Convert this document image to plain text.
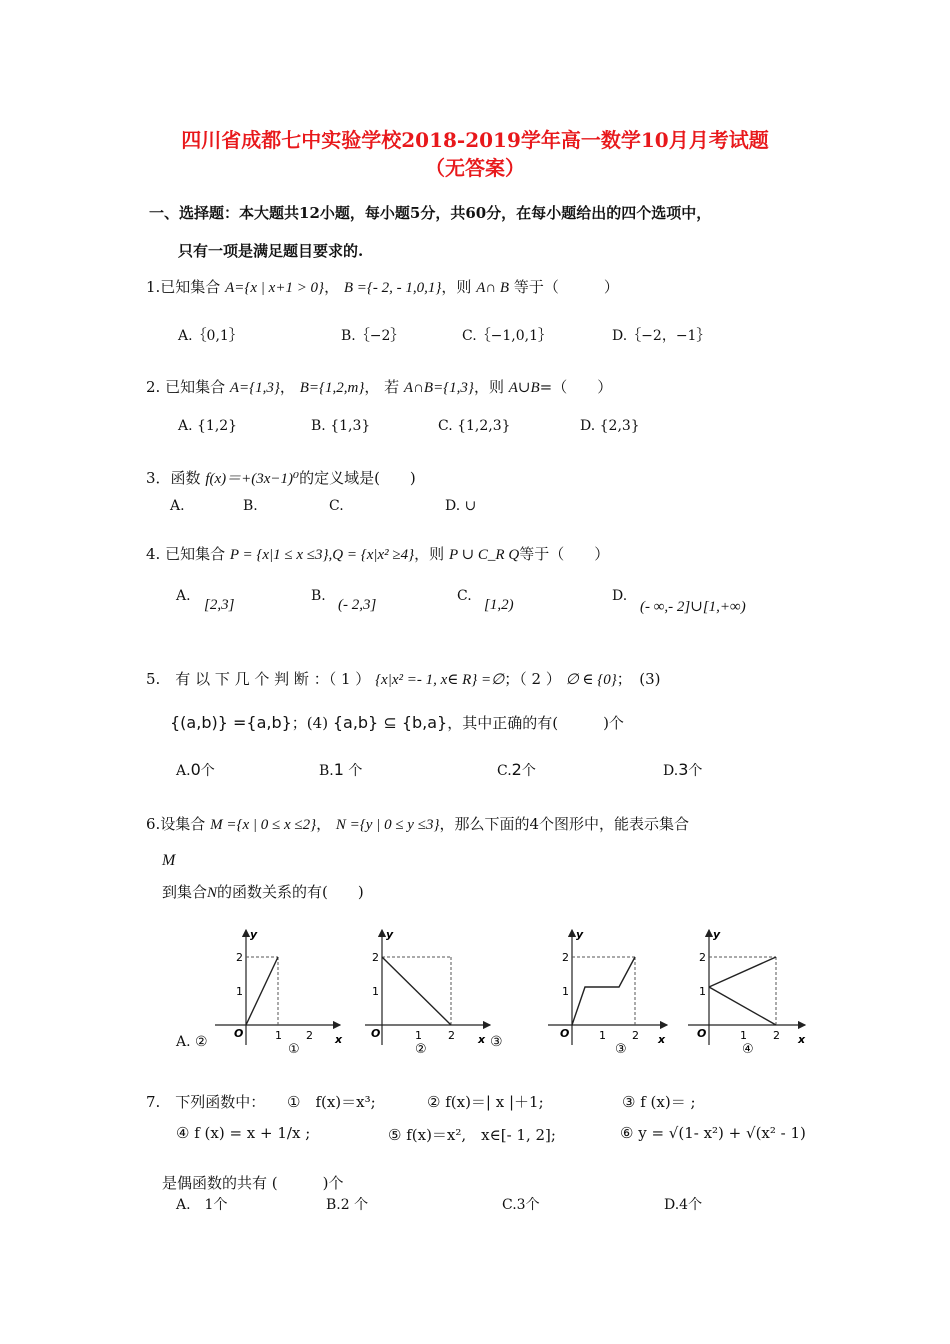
四川省成都七中实验学校2018-2019学年高一数学10月月考试题
（无答案）
一、选择题：本大题共12小题，每小题5分，共60分，在每小题给出的四个选项中，
只有一项是满足题目要求的.
1.已知集合 A={x | x+1 > 0}， B ={- 2, - 1,0,1}，则 A∩ B 等于（　　　）
A.｛0,1｝	B.｛−2｝	C.｛−1,0,1｝	D.｛−2，−1｝
2. 已知集合 A={1,3}， B={1,2,m}， 若 A∩B={1,3}，则 A∪B=（　　）
A. {1,2}	B. {1,3}	C. {1,2,3}	D. {2,3}
3．函数 f(x)＝+(3x−1)⁰的定义域是(　　)
A.	B.	C.	D. ∪
4. 已知集合 P = {x|1 ≤ x ≤3},Q = {x|x² ≥4}，则 P ∪ C_R Q等于（　　）
A.
[2,3]
B.
(- 2,3]
C.
[1,2)
D.
(- ∞,- 2]∪[1,+∞)
5.　有 以 下 几 个 判 断 ：（ 1 ） {x|x² =- 1, x∈ R} =∅；（ 2 ） ∅ ∈ {0}；　(3)
{(a,b)} ={a,b}；(4) {a,b} ⊆ {b,a}，其中正确的有(　　　)个
A.0个	B.1 个	C.2个	D.3个
6.设集合 M ={x | 0 ≤ x ≤2}， N ={y | 0 ≤ y ≤3}，那么下面的4个图形中，能表示集合
M
到集合N的函数关系的有(　　)
A. ②	③
y
x
O	1 2
1
2
①
y
x
O	1 2
1
2
②
y
x
O	1 2
1
2
③
y
x
O	1 2
1
2
④
7.　下列函数中： ①　f(x)＝x³;	② f(x)＝| x |＋1;	③ f (x)＝ ;
④ f (x) = x + 1/x ;	⑤ f(x)＝x²,　x∈[- 1, 2];	⑥ y = √(1- x²) + √(x² - 1)
是偶函数的共有 (　　　)个
A.　1个	B.2 个	C.3个	D.4个
